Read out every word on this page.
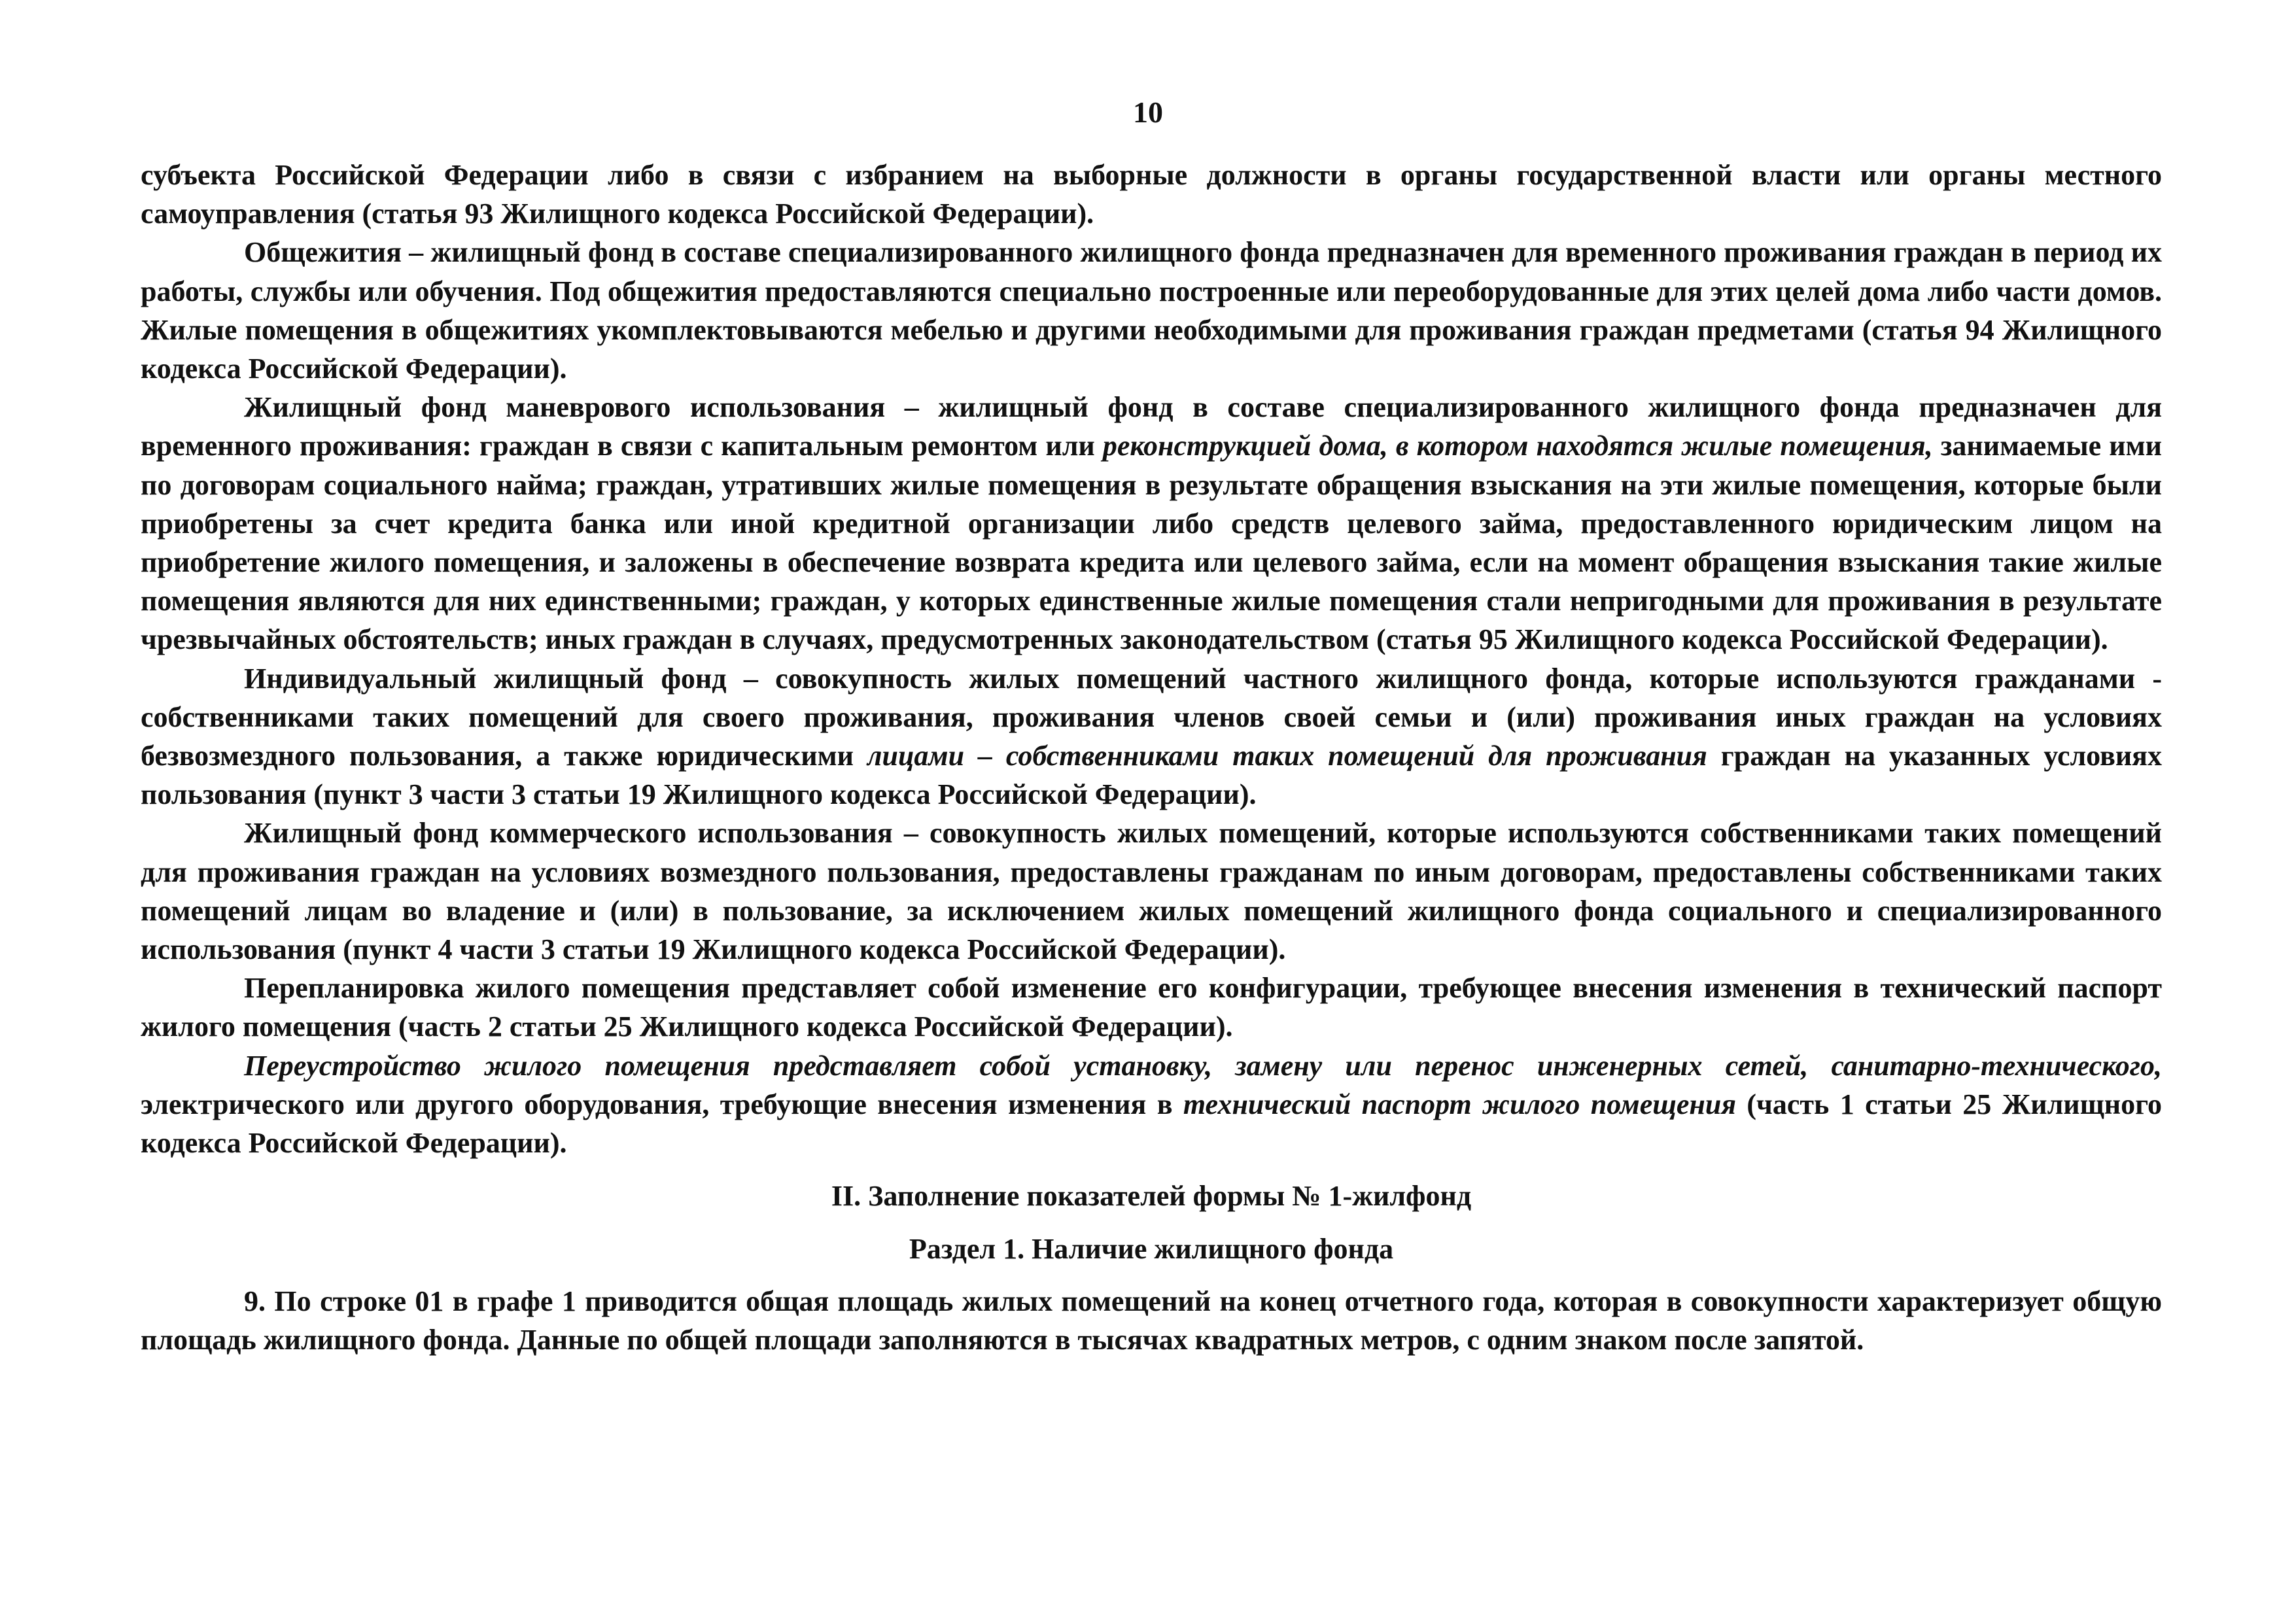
10

субъекта Российской Федерации либо в связи с избранием на выборные должности в органы государственной власти или органы местного самоуправления (статья 93 Жилищного кодекса Российской Федерации).

Общежития – жилищный фонд в составе специализированного жилищного фонда предназначен для временного проживания граждан в период их работы, службы или обучения. Под общежития предоставляются специально построенные или переоборудованные для этих целей дома либо части домов. Жилые помещения в общежитиях укомплектовываются мебелью и другими необходимыми для проживания граждан предметами (статья 94 Жилищного кодекса Российской Федерации).

Жилищный фонд маневрового использования – жилищный фонд в составе специализированного жилищного фонда предназначен для временного проживания: граждан в связи с капитальным ремонтом или реконструкцией дома, в котором находятся жилые помещения, занимаемые ими по договорам социального найма; граждан, утративших жилые помещения в результате обращения взыскания на эти жилые помещения, которые были приобретены за счет кредита банка или иной кредитной организации либо средств целевого займа, предоставленного юридическим лицом на приобретение жилого помещения, и заложены в обеспечение возврата кредита или целевого займа, если на момент обращения взыскания такие жилые помещения являются для них единственными; граждан, у которых единственные жилые помещения стали непригодными для проживания в результате чрезвычайных обстоятельств; иных граждан в случаях, предусмотренных законодательством (статья 95 Жилищного кодекса Российской Федерации).

Индивидуальный жилищный фонд – совокупность жилых помещений частного жилищного фонда, которые используются гражданами - собственниками таких помещений для своего проживания, проживания членов своей семьи и (или) проживания иных граждан на условиях безвозмездного пользования, а также юридическими лицами – собственниками таких помещений для проживания граждан на указанных условиях пользования (пункт 3 части 3 статьи 19 Жилищного кодекса Российской Федерации).

Жилищный фонд коммерческого использования – совокупность жилых помещений, которые используются собственниками таких помещений для проживания граждан на условиях возмездного пользования, предоставлены гражданам по иным договорам, предоставлены собственниками таких помещений лицам во владение и (или) в пользование, за исключением жилых помещений жилищного фонда социального и специализированного использования (пункт 4 части 3 статьи 19 Жилищного кодекса Российской Федерации).

Перепланировка жилого помещения представляет собой изменение его конфигурации, требующее внесения изменения в технический паспорт жилого помещения (часть 2 статьи 25 Жилищного кодекса Российской Федерации).

Переустройство жилого помещения представляет собой установку, замену или перенос инженерных сетей, санитарно-технического, электрического или другого оборудования, требующие внесения изменения в технический паспорт жилого помещения (часть 1 статьи 25 Жилищного кодекса Российской Федерации).

II. Заполнение показателей формы № 1-жилфонд

Раздел 1. Наличие жилищного фонда

9. По строке 01 в графе 1 приводится общая площадь жилых помещений на конец отчетного года, которая в совокупности характеризует общую площадь жилищного фонда. Данные по общей площади заполняются в тысячах квадратных метров, с одним знаком после запятой.
